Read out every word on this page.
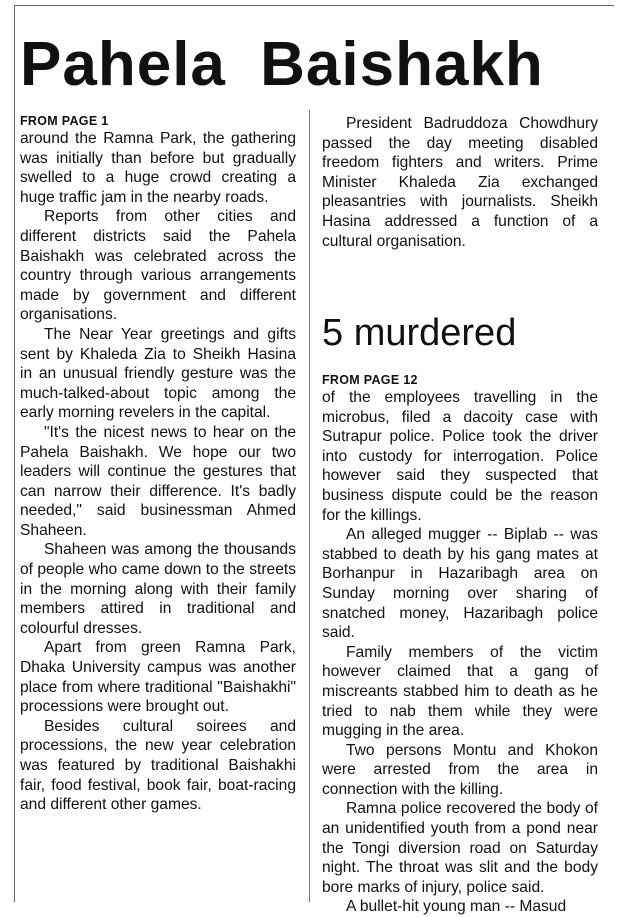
Pahela Baishakh
FROM PAGE 1

around the Ramna Park, the gathering was initially than before but gradually swelled to a huge crowd creating a huge traffic jam in the nearby roads.

Reports from other cities and different districts said the Pahela Baishakh was celebrated across the country through various arrangements made by government and different organisations.

The Near Year greetings and gifts sent by Khaleda Zia to Sheikh Hasina in an unusual friendly gesture was the much-talked-about topic among the early morning revelers in the capital.

"It's the nicest news to hear on the Pahela Baishakh. We hope our two leaders will continue the gestures that can narrow their difference. It's badly needed," said businessman Ahmed Shaheen.

Shaheen was among the thousands of people who came down to the streets in the morning along with their family members attired in traditional and colourful dresses.

Apart from green Ramna Park, Dhaka University campus was another place from where traditional "Baishakhi" processions were brought out.

Besides cultural soirees and processions, the new year celebration was featured by traditional Baishakhi fair, food festival, book fair, boat-racing and different other games.

President Badruddoza Chowdhury passed the day meeting disabled freedom fighters and writers. Prime Minister Khaleda Zia exchanged pleasantries with journalists. Sheikh Hasina addressed a function of a cultural organisation.

5 murdered
FROM PAGE 12

of the employees travelling in the microbus, filed a dacoity case with Sutrapur police. Police took the driver into custody for interrogation. Police however said they suspected that business dispute could be the reason for the killings.

An alleged mugger -- Biplab -- was stabbed to death by his gang mates at Borhanpur in Hazaribagh area on Sunday morning over sharing of snatched money, Hazaribagh police said.

Family members of the victim however claimed that a gang of miscreants stabbed him to death as he tried to nab them while they were mugging in the area.

Two persons Montu and Khokon were arrested from the area in connection with the killing.

Ramna police recovered the body of an unidentified youth from a pond near the Tongi diversion road on Saturday night. The throat was slit and the body bore marks of injury, police said.

A bullet-hit young man -- Masud
